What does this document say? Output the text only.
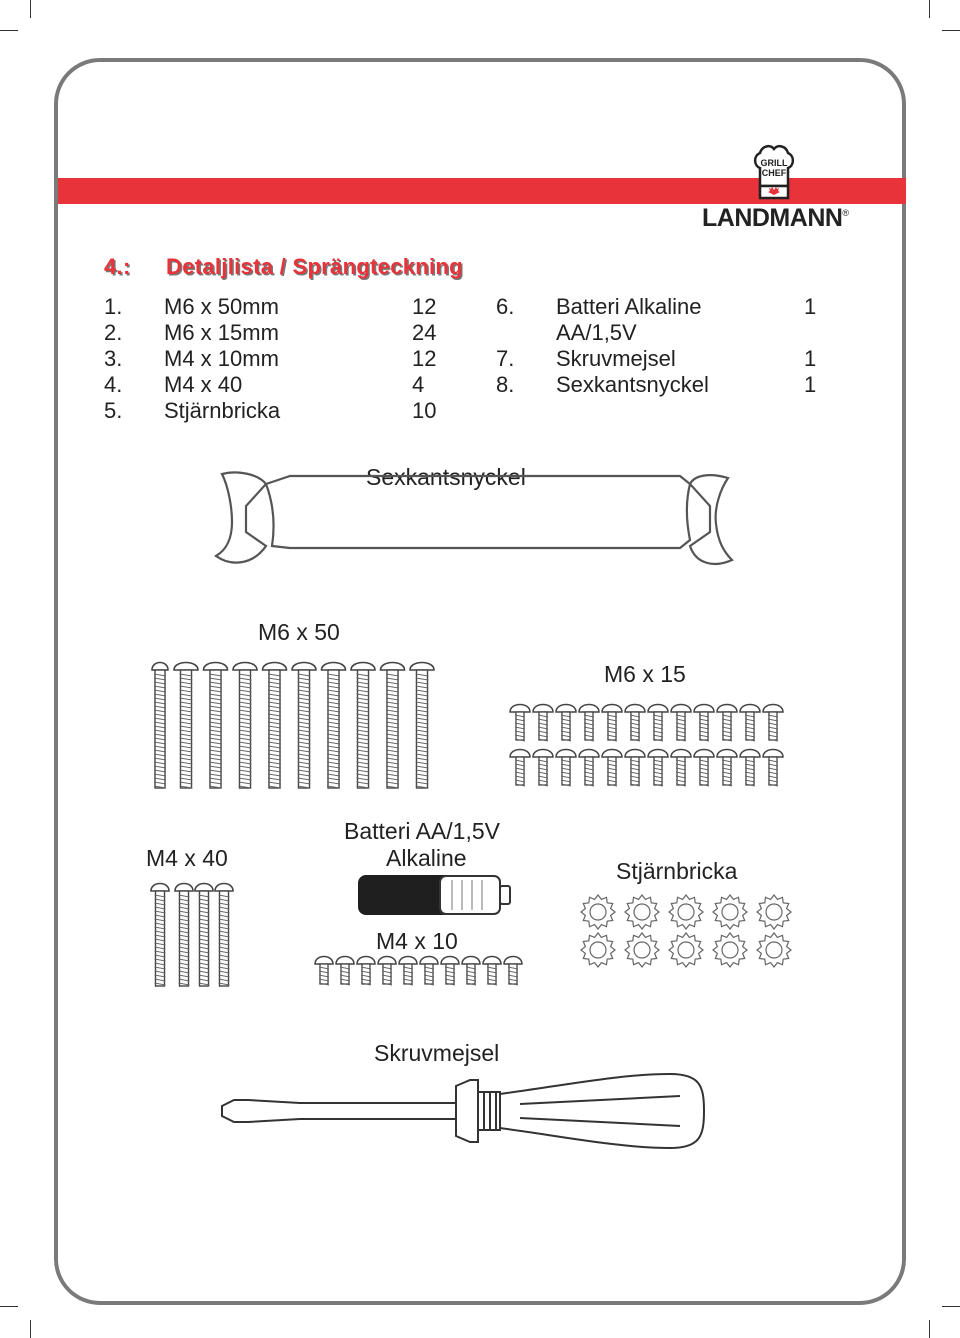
GRILL
CHEF
LANDMANN®
4.: Detaljlista / Sprängteckning
1. M6 x 50mm	12
2. M6 x 15mm	24
3. M4 x 10mm	12
4. M4 x 40	4
5. Stjärnbricka	10
6. Batteri Alkaline	1
AA/1,5V
7. Skruvmejsel	1
8. Sexkantsnyckel	1
Sexkantsnyckel
M6 x 50
M6 x 15
M4 x 40
Batteri AA/1,5V
Alkaline
M4 x 10
Stjärnbricka
Skruvmejsel
